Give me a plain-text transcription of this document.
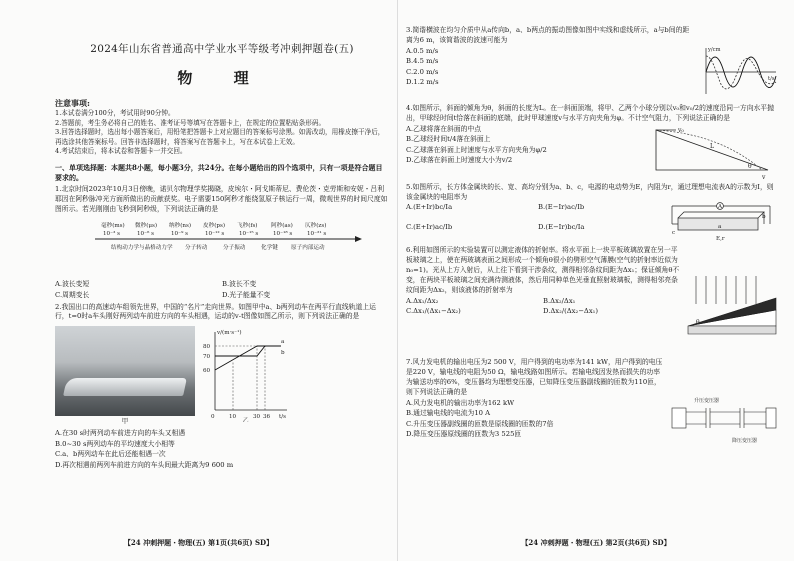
2024年山东省普通高中学业水平等级考冲刺押题卷(五)
物 理
注意事项:

1.本试卷满分100分，考试用时90分钟。

2.答题前，考生务必将自己的姓名、准考证号等填写在答题卡上，在规定的位置粘贴条形码。

3.回答选择题时，选出每小题答案后，用铅笔把答题卡上对应题目的答案标号涂黑。如需改动，用橡皮擦干净后，再选涂其他答案标号。回答非选择题时，将答案写在答题卡上，写在本试卷上无效。

4.考试结束后，将本试卷和答题卡一并交回。

一、单项选择题：本题共8小题，每小题3分，共24分。在每小题给出的四个选项中，只有一项是符合题目要求的。
1.北京时间2023年10月3日傍晚，诺贝尔物理学奖揭晓，皮埃尔・阿戈斯蒂尼、费伦茨・克劳斯和安妮・吕利耶因在阿秒脉冲光方面所做出的贡献获奖。电子需要150阿秒才能绕氢原子核运行一周，微观世界的时间尺度如图所示。若光刚刚由飞秒到阿秒级，下列说法正确的是
毫秒(ms) 微秒(μs) 纳秒(ns) 皮秒(ps) 飞秒(fs) 阿秒(as) 仄秒(zs)
10⁻³ s	10⁻⁶ s	10⁻⁹ s	10⁻¹² s	10⁻¹⁵ s	10⁻¹⁸ s	10⁻²¹ s
结构动力学与晶格动力学 分子转动	分子振动	化学键 原子内部运动
A.波长变短	B.波长不变
C.周期变长	D.光子能量不变
2.我国出口的高速动车组领先世界，中国的“名片”走向世界。如图甲中a、b两列动车在两平行直线轨道上运行，t=0时a车头刚好两列动车前进方向的车头相遇，运动的v-t图像如图乙所示，则下列说法正确的是
甲
v/(m·s⁻¹)
t/s
80
70
60
0	10	30 36
a
b
乙
A.在30 s时两列动车前进方向的车头又相遇
B.0~30 s两列动车的平均速度大小相等
C.a、b两列动车在此后还能相遇一次
D.再次相遇前两列车前进方向的车头间最大距离为9 600 m
【24 冲刺押题・物理(五) 第1页(共6页) SD】
3.简谐横波在均匀介质中从a传向b，a、b两点的振动图像如图中实线和虚线所示，a与b间的距离为6 m，该简谐波的波速可能为
A.0.5 m/s
B.4.5 m/s
C.2.0 m/s
D.1.2 m/s
y/cm
t/s
4.如图所示，斜面的倾角为θ，斜面的长度为L。在一斜面顶端，将甲、乙两个小球分别以v₀和v₀/2的速度沿同一方向水平抛出，甲球经时间t恰落在斜面的底端，此时甲球速度v与水平方向夹角为φ。不计空气阻力，下列说法正确的是
A.乙球将落在斜面的中点
B.乙球经时间t/4落在斜面上
C.乙球落在斜面上时速度与水平方向夹角为φ/2
D.乙球落在斜面上时速度大小为v/2
v₀
L
θ
v
5.如图所示，长方体金属块的长、宽、高均分别为a、b、c，电源的电动势为E，内阻为r，通过理想电流表A的示数为I，则该金属块的电阻率为
A.(E+Ir)bc/Ia	B.(E−Ir)ac/Ib
C.(E+Ir)ac/Ib	D.(E−Ir)bc/Ia
A
E,r
a
b
c
6.利用如图所示的实验装置可以测定液体的折射率。将水平面上一块平板玻璃放置在另一平板玻璃之上，使在两玻璃表面之间形成一个倾角θ很小的劈形空气薄膜(空气的折射率近似为n₀=1)。光从上方入射后，从上往下看到干涉条纹，测得相邻条纹间距为Δx₁；保证倾角θ不变，在两块平板玻璃之间充满待测液体，然后用同种单色光垂直照射玻璃板，测得相邻亮条纹间距为Δx₂，则该液体的折射率为
A.Δx₁/Δx₂	B.Δx₂/Δx₁
C.Δx₁/(Δx₁−Δx₂)	D.Δx₂/(Δx₂−Δx₁)
θ
7.风力发电机的输出电压为2 500 V，用户得到的电功率为141 kW，用户得到的电压是220 V，输电线的电阻为50 Ω，输电线路如图所示。若输电线因发热而损失的功率为输送功率的6%，变压器均为理想变压器，已知降压变压器副线圈的匝数为110匝，则下列说法正确的是
A.风力发电机的输出功率为162 kW
B.通过输电线的电流为10 A
C.升压变压器副线圈的匝数是原线圈的匝数的7倍
D.降压变压器原线圈的匝数为3 525匝
升压变压器
降压变压器
【24 冲刺押题・物理(五) 第2页(共6页) SD】
